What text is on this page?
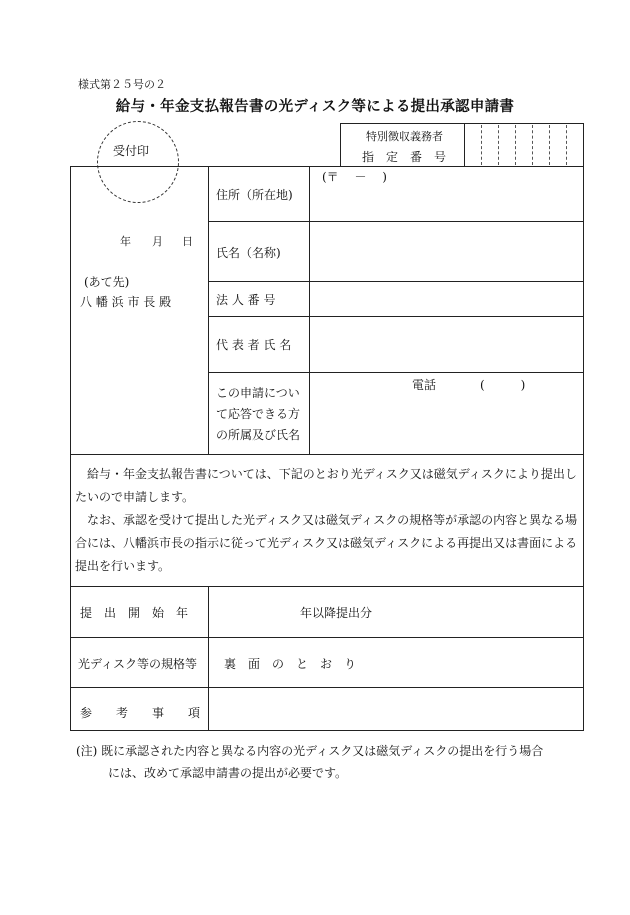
様式第２５号の２
給与・年金支払報告書の光ディスク等による提出承認申請書
受付印
特別徴収義務者
指　定　番　号
年 月 日
(あて先)
八 幡 浜 市 長 殿
住所（所在地)
(〒　 －　 )
氏名（名称)
法 人 番 号
代 表 者 氏 名
この申請につい
て応答できる方
の所属及び氏名
電話	(　　　)

給与・年金支払報告書については、下記のとおり光ディスク又は磁気ディスクにより提出したいので申請します。

なお、承認を受けて提出した光ディスク又は磁気ディスクの規格等が承認の内容と異なる場合には、八幡浜市長の指示に従って光ディスク又は磁気ディスクによる再提出又は書面による提出を行います。

提　出　開　始　年	年以降提出分
光ディスク等の規格等 裏　面　の　と　お　り
参　　考　　事　　項
(注) 既に承認された内容と異なる内容の光ディスク又は磁気ディスクの提出を行う場合
には、改めて承認申請書の提出が必要です。
